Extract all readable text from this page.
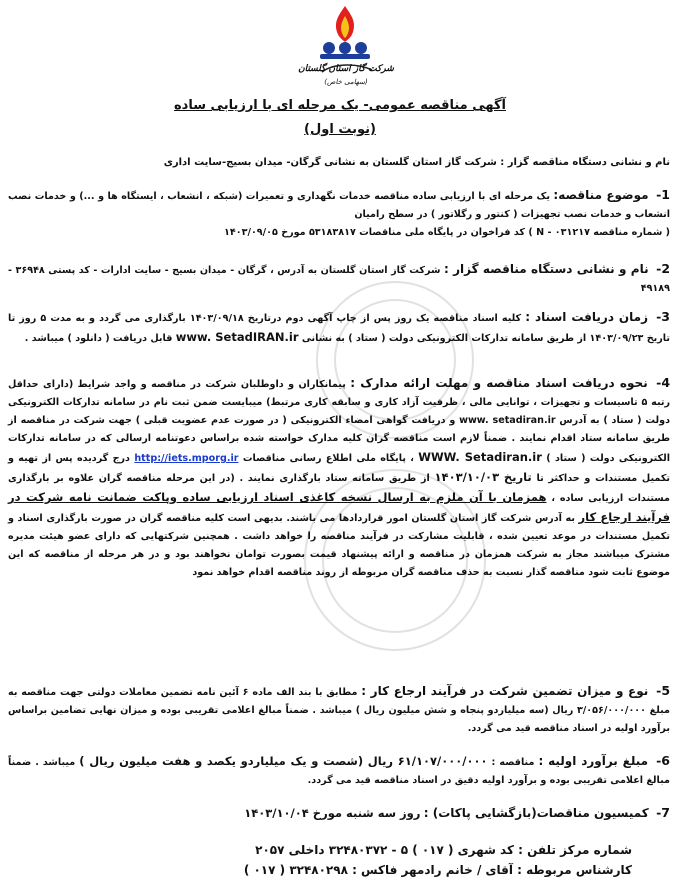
شرکت گاز استان گلستان
(سهامی خاص)
آگهی مناقصه عمومی- یک مرحله ای با ارزیابی ساده
(نوبت اول)
نام و نشانی دستگاه مناقصه گزار : شرکت گاز استان گلستان به نشانی گرگان- میدان بسیج-سایت اداری
1- موضوع مناقصه: یک مرحله ای با ارزیابی ساده مناقصه خدمات نگهداری و تعمیرات (شبکه ، انشعاب ، ایستگاه ها و ...) و خدمات نصب انشعاب و خدمات نصب تجهیزات ( کنتور و رگلاتور ) در سطح رامیان
( شماره مناقصه N - ۰۳۱۲۱۷ ) کد فراخوان در پایگاه ملی مناقصات ۵۳۱۸۳۸۱۷ مورخ ۱۴۰۳/۰۹/۰۵
2- نام و نشانی دستگاه مناقصه گزار : شرکت گاز استان گلستان به آدرس ، گرگان - میدان بسیج - سایت ادارات - کد پستی ۳۶۹۴۸ - ۴۹۱۸۹
3- زمان دریافت اسناد : کلیه اسناد مناقصه یک روز پس از چاپ آگهی دوم درتاریخ ۱۴۰۳/۰۹/۱۸ بارگذاری می گردد و به مدت ۵ روز تا تاریخ ۱۴۰۳/۰۹/۲۳ از طریق سامانه تدارکات الکترونیکی دولت ( ستاد ) به نشانی www. SetadIRAN.ir قابل دریافت ( دانلود ) میباشد .
4- نحوه دریافت اسناد مناقصه و مهلت ارائه مدارک : پیمانکاران و داوطلبان شرکت در مناقصه و واجد شرایط (دارای حداقل رتبه ۵ تاسیسات و تجهیزات ، توانایی مالی ، ظرفیت آزاد کاری و سابقه کاری مرتبط) میبایست ضمن ثبت نام در سامانه تدارکات الکترونیکی دولت ( ستاد ) به آدرس www. setadiran.ir و دریافت گواهی امضاء الکترونیکی ( در صورت عدم عضویت قبلی ) جهت شرکت در مناقصه از طریق سامانه ستاد اقدام نمایند . ضمناً لازم است مناقصه گران کلیه مدارک خواسته شده براساس دعوتنامه ارسالی که در سامانه تدارکات الکترونیکی دولت ( ستاد ) WWW. Setadiran.ir ، پایگاه ملی اطلاع رسانی مناقصات http://iets.mporg.ir درج گردیده پس از تهیه و تکمیل مستندات و حداکثر تا تاریخ ۱۴۰۳/۱۰/۰۳ از طریق سامانه ستاد بارگذاری نمایند . (در این مرحله مناقصه گران علاوه بر بارگذاری مستندات ارزیابی ساده ، همزمان با آن ملزم به ارسال نسخه کاغذی اسناد ارزیابی ساده وپاکت ضمانت نامه شرکت در فرآیند ارجاع کار به آدرس شرکت گاز استان گلستان امور قراردادها می باشند. بدیهی است کلیه مناقصه گران در صورت بارگذاری اسناد و تکمیل مستندات در موعد تعیین شده ، قابلیت مشارکت در فرآیند مناقصه را خواهد داشت . همچنین شرکتهایی که دارای عضو هیئت مدیره مشترک میباشند مجاز به شرکت همزمان در مناقصه و ارائه پیشنهاد قیمت بصورت توامان نخواهند بود و در هر مرحله از مناقصه که این موضوع ثابت شود مناقصه گذار نسبت به حذف مناقصه گران مربوطه از روند مناقصه اقدام خواهد نمود
5- نوع و میزان تضمین شرکت در فرآیند ارجاع کار : مطابق با بند الف ماده ۶ آئین نامه تضمین معاملات دولتی جهت مناقصه به مبلغ ۳/۰۵۶/۰۰۰/۰۰۰ ریال (سه میلیاردو پنجاه و شش میلیون ریال ) میباشد . ضمناً مبالغ اعلامی تقریبی بوده و میزان نهایی تضامین براساس برآورد اولیه در اسناد مناقصه قید می گردد.
6- مبلغ برآورد اولیه : مناقصه : ۶۱/۱۰۷/۰۰۰/۰۰۰ ریال (شصت و یک میلیاردو یکصد و هفت میلیون ریال ) میباشد . ضمناً مبالغ اعلامی تقریبی بوده و برآورد اولیه دقیق در اسناد مناقصه قید می گردد.
7- کمیسیون مناقصات(بازگشایی پاکات) : روز سه شنبه مورخ ۱۴۰۳/۱۰/۰۴
شماره مرکز تلفن : کد شهری ( ۰۱۷ ) ۵ - ۳۲۴۸۰۳۷۲ داخلی ۲۰۵۷
کارشناس مربوطه : آقای / خانم رادمهر فاکس : ۳۲۴۸۰۲۹۸ ( ۰۱۷ )
